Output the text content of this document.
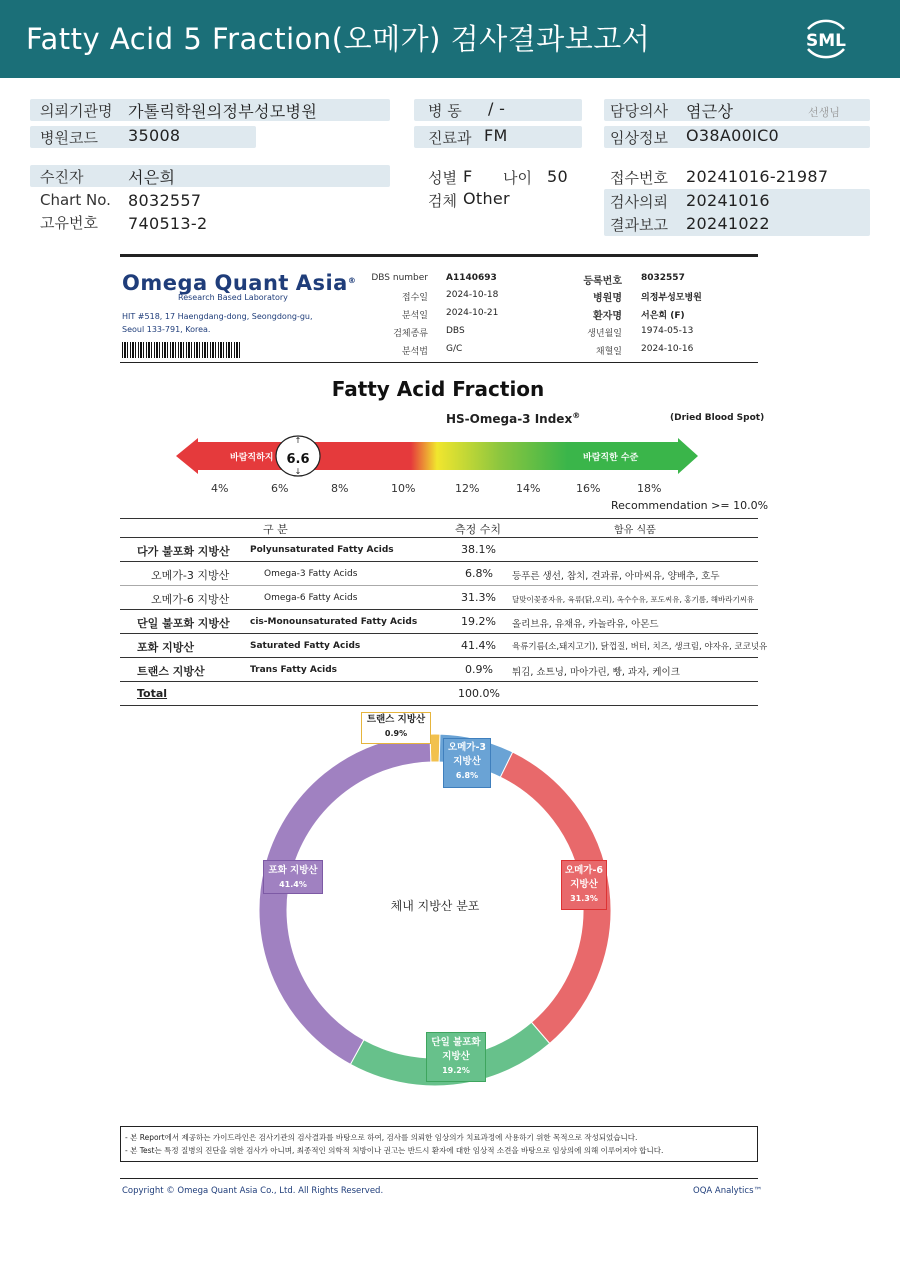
Fatty Acid 5 Fraction(오메가) 검사결과보고서	SML
의뢰기관명 가톨릭학원의정부성모병원
병원코드 35008
병 동 / -
진료과 FM
담당의사 염근상	선생님
임상정보 O38A00IC0
수진자	서은희
Chart No. 8032557
고유번호 740513-2
성별 F 나이 50
검체 Other
접수번호 20241016-21987
검사의뢰 20241016
결과보고 20241022
Omega Quant Asia®
Research Based Laboratory
HIT #518, 17 Haengdang-dong, Seongdong-gu, Seoul 133-791, Korea.
DBS number A1140693
접수일 2024-10-18
분석일 2024-10-21
검체종류 DBS
분석법 G/C
등록번호 8032557
병원명 의정부성모병원
환자명 서은희 (F)
생년월일 1974-05-13
채혈일 2024-10-16
Fatty Acid Fraction
HS-Omega-3 Index®	(Dried Blood Spot)
바람직하지	바람직한 수준
↑
6.6
↓
4%	6%	8%	10%	12%	14%	16%	18%
Recommendation >= 10.0%
구 분	측정 수치	함유 식품
다가 불포화 지방산 Polyunsaturated Fatty Acids	38.1%
오메가-3 지방산	Omega-3 Fatty Acids	6.8% 등푸른 생선, 참치, 견과류, 아마씨유, 양배추, 호두
오메가-6 지방산	Omega-6 Fatty Acids	31.3% 달맞이꽃종자유, 육류(닭,오리), 옥수수유, 포도씨유, 홍기름, 해바라기씨유
단일 불포화 지방산 cis-Monounsaturated Fatty Acids	19.2% 올리브유, 유채유, 카놀라유, 아몬드
포화 지방산	Saturated Fatty Acids	41.4% 육류기름(소,돼지고기), 닭껍질, 버터, 치즈, 생크림, 야자유, 코코넛유
트랜스 지방산	Trans Fatty Acids	0.9% 튀김, 쇼트닝, 마아가린, 빵, 과자, 케이크
Total	100.0%
체내 지방산 분포
트랜스 지방산
0.9%
오메가-3
지방산
6.8%
오메가-6
지방산
31.3%
단일 불포화
지방산
19.2%
포화 지방산
41.4%
- 본 Report에서 제공하는 가이드라인은 검사기관의 검사결과를 바탕으로 하여, 검사를 의뢰한 임상의가 치료과정에 사용하기 위한 목적으로 작성되었습니다.
- 본 Test는 특정 질병의 진단을 위한 검사가 아니며, 최종적인 의학적 처방이나 권고는 반드시 환자에 대한 임상적 소견을 바탕으로 임상의에 의해 이루어져야 합니다.
Copyright © Omega Quant Asia Co., Ltd. All Rights Reserved.	OQA Analytics™
